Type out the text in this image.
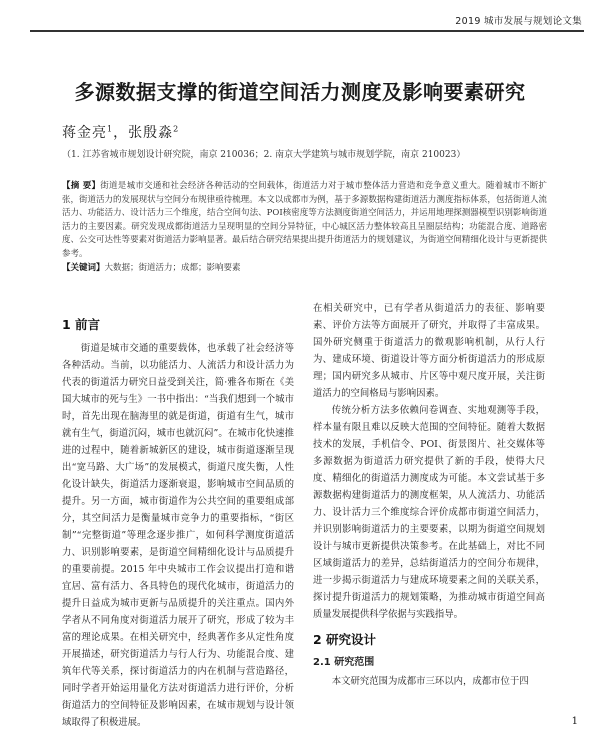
2019 城市发展与规划论文集
多源数据支撑的街道空间活力测度及影响要素研究
蒋金亮$^1$，张殷淼$^2$
（1. 江苏省城市规划设计研究院，南京 210036；2. 南京大学建筑与城市规划学院，南京 210023）
【摘 要】街道是城市交通和社会经济各种活动的空间载体，街道活力对于城市整体活力营造和竞争意义重大。随着城市不断扩张，街道活力的发展现状与空间分布规律亟待梳理。本文以成都市为例，基于多源数据构建街道活力测度指标体系，包括街道人流活力、功能活力、设计活力三个维度，结合空间句法、POI核密度等方法测度街道空间活力，并运用地理探测器模型识别影响街道活力的主要因素。研究发现成都街道活力呈现明显的空间分异特征，中心城区活力整体较高且呈圈层结构；功能混合度、道路密度、公交可达性等要素对街道活力影响显著。最后结合研究结果提出提升街道活力的规划建议，为街道空间精细化设计与更新提供参考。
【关键词】大数据；街道活力；成都；影响要素
1 前言

街道是城市交通的重要载体，也承载了社会经济等各种活动。当前，以功能活力、人流活力和设计活力为代表的街道活力研究日益受到关注，简·雅各布斯在《美国大城市的死与生》一书中指出：“当我们想到一个城市时，首先出现在脑海里的就是街道，街道有生气，城市就有生气，街道沉闷，城市也就沉闷”。在城市化快速推进的过程中，随着新城新区的建设，城市街道逐渐呈现出“宽马路、大广场”的发展模式，街道尺度失衡，人性化设计缺失，街道活力逐渐衰退，影响城市空间品质的提升。另一方面，城市街道作为公共空间的重要组成部分，其空间活力是衡量城市竞争力的重要指标，“街区制”“完整街道”等理念逐步推广，如何科学测度街道活力、识别影响要素，是街道空间精细化设计与品质提升的重要前提。2015 年中央城市工作会议提出打造和谐宜居、富有活力、各具特色的现代化城市，街道活力的提升日益成为城市更新与品质提升的关注重点。国内外学者从不同角度对街道活力展开了研究，形成了较为丰富的理论成果。在相关研究中，经典著作多从定性角度开展描述，研究街道活力与行人行为、功能混合度、建筑年代等关系，探讨街道活力的内在机制与营造路径，同时学者开始运用量化方法对街道活力进行评价，分析街道活力的空间特征及影响因素，在城市规划与设计领域取得了积极进展。

在相关研究中，已有学者从街道活力的表征、影响要素、评价方法等方面展开了研究，并取得了丰富成果。国外研究侧重于街道活力的微观影响机制，从行人行为、建成环境、街道设计等方面分析街道活力的形成原理；国内研究多从城市、片区等中观尺度开展，关注街道活力的空间格局与影响因素。

传统分析方法多依赖问卷调查、实地观测等手段，样本量有限且难以反映大范围的空间特征。随着大数据技术的发展，手机信令、POI、街景图片、社交媒体等多源数据为街道活力研究提供了新的手段，使得大尺度、精细化的街道活力测度成为可能。本文尝试基于多源数据构建街道活力的测度框架，从人流活力、功能活力、设计活力三个维度综合评价成都市街道空间活力，并识别影响街道活力的主要要素，以期为街道空间规划设计与城市更新提供决策参考。在此基础上，对比不同区域街道活力的差异，总结街道活力的空间分布规律，进一步揭示街道活力与建成环境要素之间的关联关系，探讨提升街道活力的规划策略，为推动城市街道空间高质量发展提供科学依据与实践指导。

2 研究设计
2.1 研究范围

本文研究范围为成都市三环以内，成都市位于四

1
